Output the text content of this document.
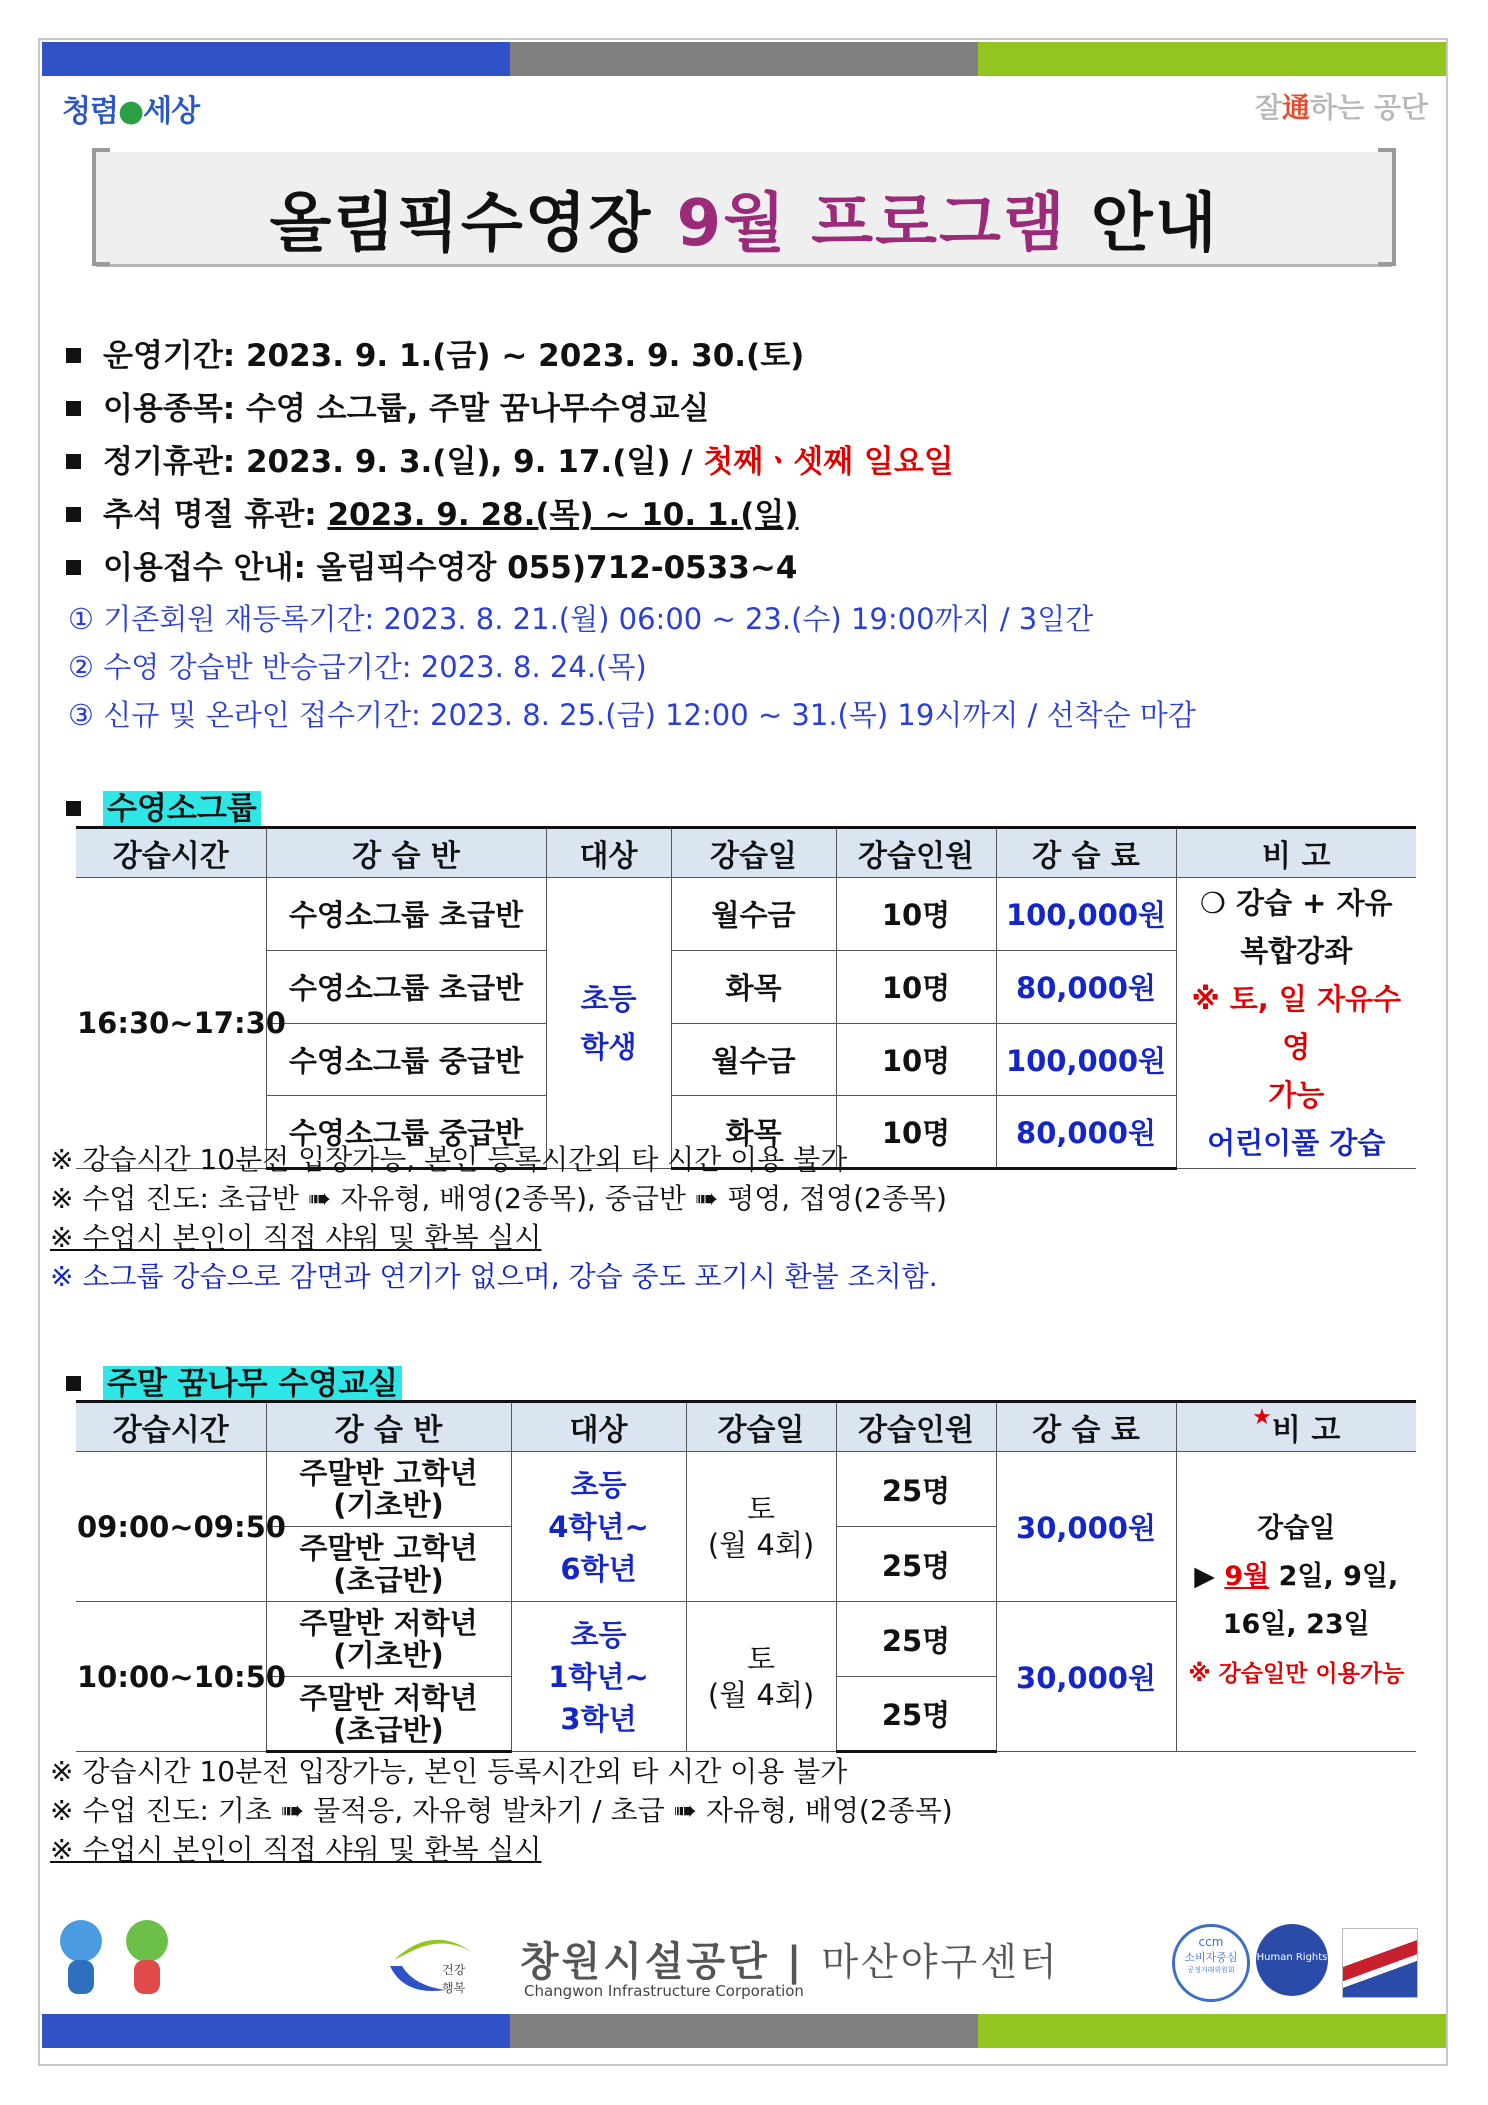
청렴●세상	잘通하는 공단
올림픽수영장 9월 프로그램 안내
운영기간: 2023. 9. 1.(금) ~ 2023. 9. 30.(토)
이용종목: 수영 소그룹, 주말 꿈나무수영교실
정기휴관: 2023. 9. 3.(일), 9. 17.(일) / 첫째ㆍ셋째 일요일
추석 명절 휴관: 2023. 9. 28.(목) ~ 10. 1.(일)
이용접수 안내: 올림픽수영장 055)712-0533~4
① 기존회원 재등록기간: 2023. 8. 21.(월) 06:00 ~ 23.(수) 19:00까지 / 3일간
② 수영 강습반 반승급기간: 2023. 8. 24.(목)
③ 신규 및 온라인 접수기간: 2023. 8. 25.(금) 12:00 ~ 31.(목) 19시까지 / 선착순 마감
수영소그룹
강습시간	강 습 반	대상	강습일	강습인원	강 습 료	비 고
16:30~17:30	수영소그룹 초급반	초등
학생	월수금	10명	100,000원	❍ 강습 + 자유
복합강좌
※ 토, 일 자유수영
가능
어린이풀 강습
	수영소그룹 초급반		화목	10명	80,000원	
	수영소그룹 중급반		월수금	10명	100,000원	
	수영소그룹 중급반		화목	10명	80,000원	
※ 강습시간 10분전 입장가능, 본인 등록시간외 타 시간 이용 불가
※ 수업 진도: 초급반 ➠ 자유형, 배영(2종목), 중급반 ➠ 평영, 접영(2종목)
※ 수업시 본인이 직접 샤워 및 환복 실시
※ 소그룹 강습으로 감면과 연기가 없으며, 강습 중도 포기시 환불 조치함.
주말 꿈나무 수영교실
강습시간	강 습 반	대상	강습일	강습인원	강 습 료	★비 고
09:00~09:50	주말반 고학년
(기초반)	초등
4학년~
6학년	토
(월 4회)	25명	30,000원	강습일
▶ 9월 2일, 9일,
16일, 23일
※ 강습일만 이용가능
	주말반 고학년
(초급반)			25명		
10:00~10:50	주말반 저학년
(기초반)	초등
1학년~
3학년	토
(월 4회)	25명	30,000원	
	주말반 저학년
(초급반)			25명		
※ 강습시간 10분전 입장가능, 본인 등록시간외 타 시간 이용 불가
※ 수업 진도: 기초 ➠ 물적응, 자유형 발차기 / 초급 ➠ 자유형, 배영(2종목)
※ 수업시 본인이 직접 샤워 및 환복 실시
건강
행복
창원시설공단 | 마산야구센터
Changwon Infrastructure Corporation
ccm
소비자중심
공정거래위원회
Human Rights
